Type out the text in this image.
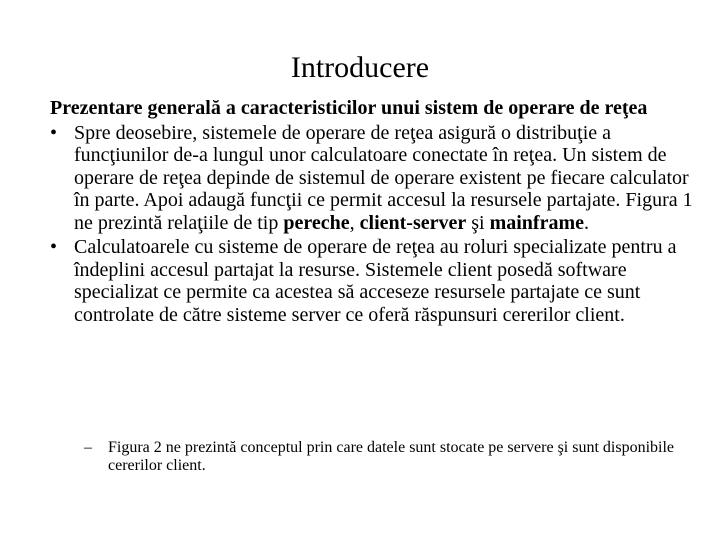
Introducere
Prezentare generală a caracteristicilor unui sistem de operare de reţea
• Spre deosebire, sistemele de operare de reţea asigură o distribuţie a funcţiunilor de-a lungul unor calculatoare conectate în reţea. Un sistem de operare de reţea depinde de sistemul de operare existent pe fiecare calculator în parte. Apoi adaugă funcţii ce permit accesul la resursele partajate. Figura 1 ne prezintă relaţiile de tip pereche, client-server şi mainframe.
• Calculatoarele cu sisteme de operare de reţea au roluri specializate pentru a îndeplini accesul partajat la resurse. Sistemele client posedă software specializat ce permite ca acestea să acceseze resursele partajate ce sunt controlate de către sisteme server ce oferă răspunsuri cererilor client.
– Figura 2 ne prezintă conceptul prin care datele sunt stocate pe servere şi sunt disponibile cererilor client.
